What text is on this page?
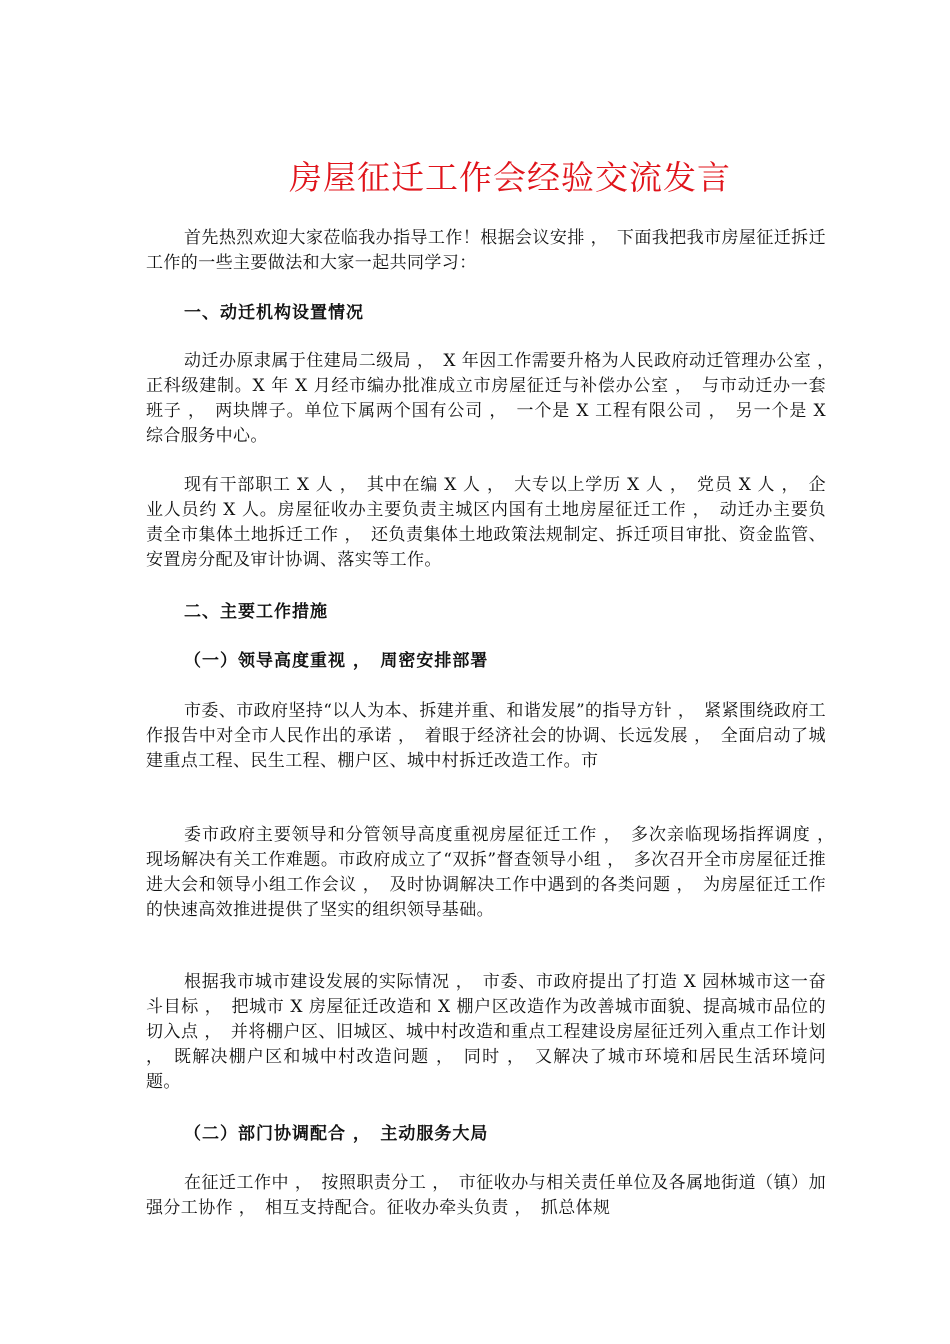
房屋征迁工作会经验交流发言

首先热烈欢迎大家莅临我办指导工作！根据会议安排 ，　下面我把我市房屋征迁拆迁工作的一些主要做法和大家一起共同学习：

一、动迁机构设置情况

动迁办原隶属于住建局二级局 ，　X 年因工作需要升格为人民政府动迁管理办公室 ，　正科级建制。X 年 X 月经市编办批准成立市房屋征迁与补偿办公室 ，　与市动迁办一套班子 ，　两块牌子。单位下属两个国有公司 ，　一个是 X 工程有限公司 ，　另一个是 X 综合服务中心。

现有干部职工 X 人 ，　其中在编 X 人 ，　大专以上学历 X 人 ，　党员 X 人 ，　企业人员约 X 人。房屋征收办主要负责主城区内国有土地房屋征迁工作 ，　动迁办主要负责全市集体土地拆迁工作 ，　还负责集体土地政策法规制定、拆迁项目审批、资金监管、安置房分配及审计协调、落实等工作。

二、主要工作措施
（一）领导高度重视 ，　周密安排部署

市委、市政府坚持“以人为本、拆建并重、和谐发展”的指导方针 ，　紧紧围绕政府工作报告中对全市人民作出的承诺 ，　着眼于经济社会的协调、长远发展 ，　全面启动了城建重点工程、民生工程、棚户区、城中村拆迁改造工作。市

委市政府主要领导和分管领导高度重视房屋征迁工作 ，　多次亲临现场指挥调度 ，　现场解决有关工作难题。市政府成立了“双拆”督查领导小组 ，　多次召开全市房屋征迁推进大会和领导小组工作会议 ，　及时协调解决工作中遇到的各类问题 ，　为房屋征迁工作的快速高效推进提供了坚实的组织领导基础。

根据我市城市建设发展的实际情况 ，　市委、市政府提出了打造 X 园林城市这一奋斗目标 ，　把城市 X 房屋征迁改造和 X 棚户区改造作为改善城市面貌、提高城市品位的切入点 ，　并将棚户区、旧城区、城中村改造和重点工程建设房屋征迁列入重点工作计划 ，　既解决棚户区和城中村改造问题 ，　同时 ，　又解决了城市环境和居民生活环境问题。

（二）部门协调配合 ，　主动服务大局

在征迁工作中 ，　按照职责分工 ，　市征收办与相关责任单位及各属地街道（镇）加强分工协作 ，　相互支持配合。征收办牵头负责 ，　抓总体规
